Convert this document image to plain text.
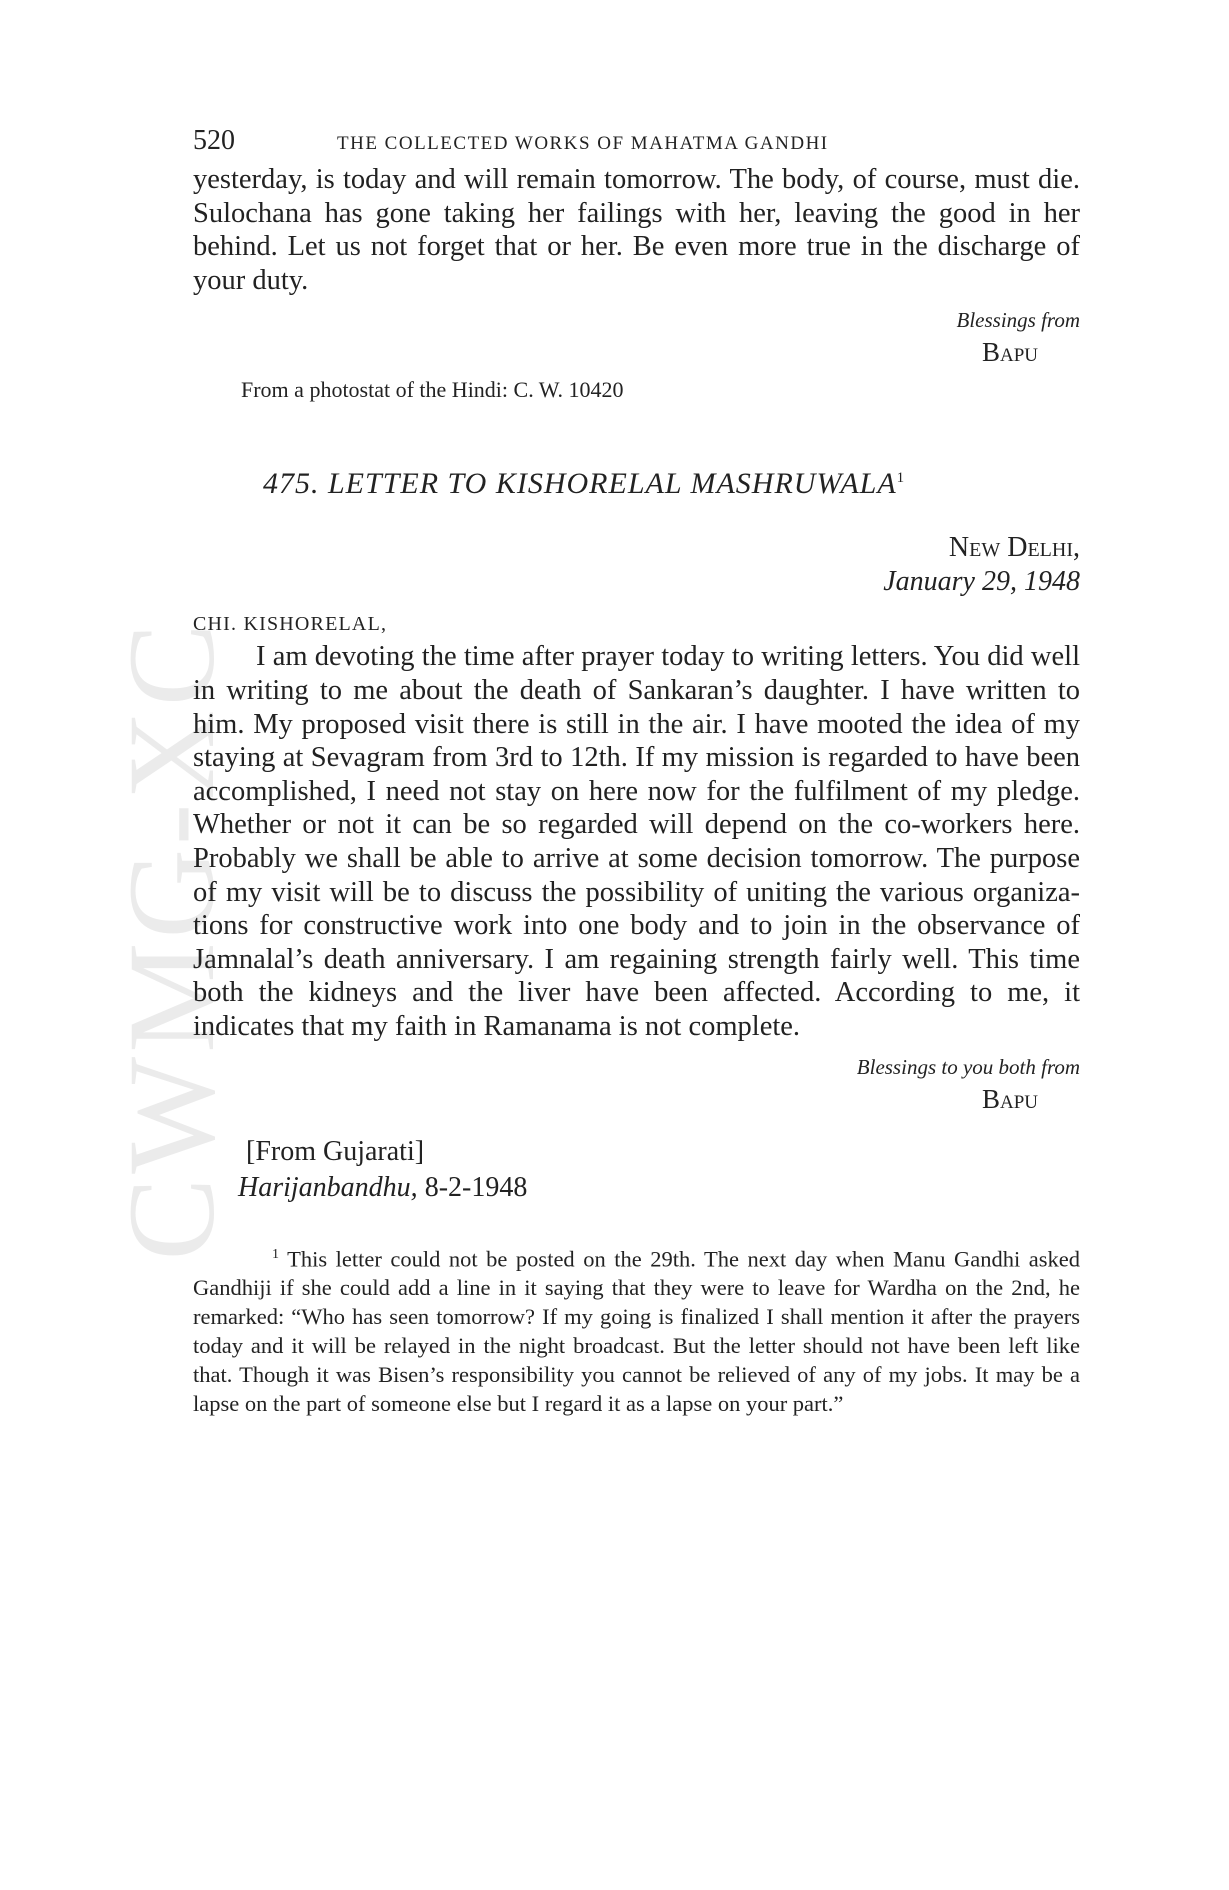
CWMG-XC
520	THE COLLECTED WORKS OF MAHATMA GANDHI

yesterday, is today and will remain tomorrow. The body, of course, must die. Sulochana has gone taking her failings with her, leaving the good in her behind. Let us not forget that or her. Be even more true in the discharge of your duty.

Blessings from

Bapu

From a photostat of the Hindi: C. W. 10420

475. LETTER TO KISHORELAL MASHRUWALA$^1$

New Delhi,

January 29, 1948

CHI. KISHORELAL,

I am devoting the time after prayer today to writing letters. You did well in writing to me about the death of Sankaran’s daughter. I have written to him. My proposed visit there is still in the air. I have mooted the idea of my staying at Sevagram from 3rd to 12th. If my mission is regarded to have been accomplished, I need not stay on here now for the fulfilment of my pledge. Whether or not it can be so regarded will depend on the co-workers here. Probably we shall be able to arrive at some decision tomorrow. The purpose of my visit will be to discuss the possibility of uniting the various organiza-tions for constructive work into one body and to join in the observance of Jamnalal’s death anniversary. I am regaining strength fairly well. This time both the kidneys and the liver have been affected. According to me, it indicates that my faith in Ramanama is not complete.

Blessings to you both from

Bapu

[From Gujarati]

Harijanbandhu, 8-2-1948

$^1$ This letter could not be posted on the 29th. The next day when Manu Gandhi asked Gandhiji if she could add a line in it saying that they were to leave for Wardha on the 2nd, he remarked: “Who has seen tomorrow? If my going is finalized I shall mention it after the prayers today and it will be relayed in the night broadcast. But the letter should not have been left like that. Though it was Bisen’s responsibility you cannot be relieved of any of my jobs. It may be a lapse on the part of someone else but I regard it as a lapse on your part.”
